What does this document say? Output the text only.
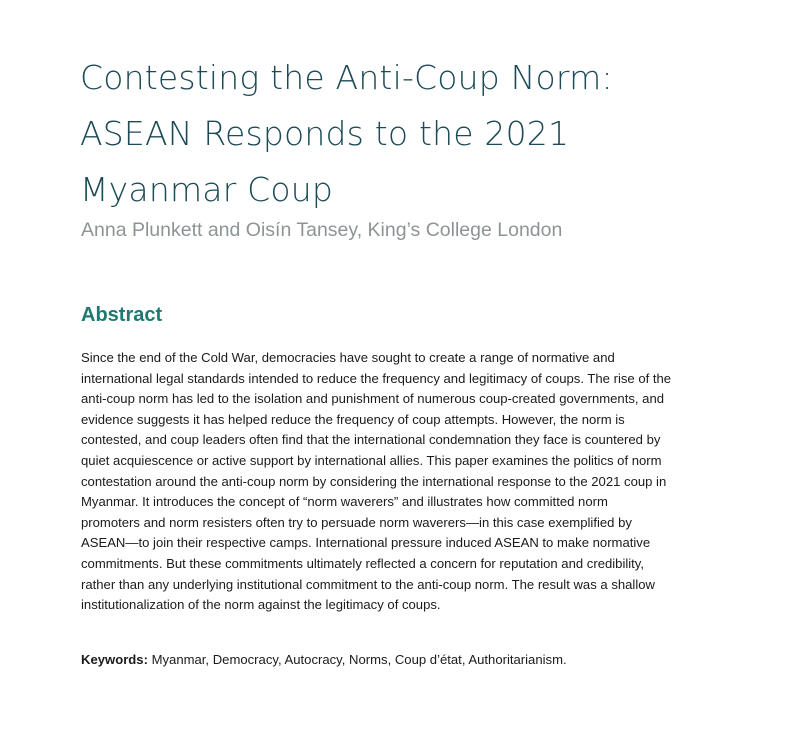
Contesting the Anti-Coup Norm:
ASEAN Responds to the 2021
Myanmar Coup

Anna Plunkett and Oisín Tansey, King’s College London

Abstract
Since the end of the Cold War, democracies have sought to create a range of normative and
international legal standards intended to reduce the frequency and legitimacy of coups. The rise of the
anti-coup norm has led to the isolation and punishment of numerous coup-created governments, and
evidence suggests it has helped reduce the frequency of coup attempts. However, the norm is
contested, and coup leaders often find that the international condemnation they face is countered by
quiet acquiescence or active support by international allies. This paper examines the politics of norm
contestation around the anti-coup norm by considering the international response to the 2021 coup in
Myanmar. It introduces the concept of “norm waverers” and illustrates how committed norm
promoters and norm resisters often try to persuade norm waverers—in this case exemplified by
ASEAN—to join their respective camps. International pressure induced ASEAN to make normative
commitments. But these commitments ultimately reflected a concern for reputation and credibility,
rather than any underlying institutional commitment to the anti-coup norm. The result was a shallow
institutionalization of the norm against the legitimacy of coups.

Keywords: Myanmar, Democracy, Autocracy, Norms, Coup d’état, Authoritarianism.
